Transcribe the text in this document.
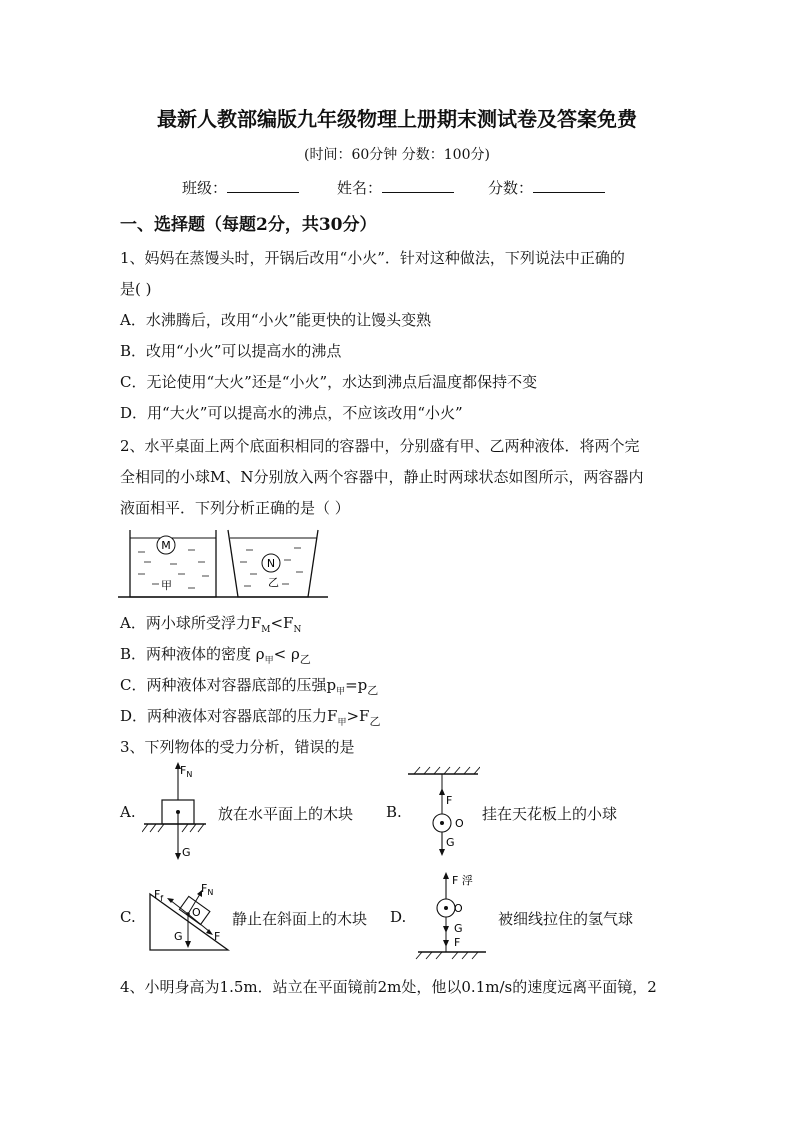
最新人教部编版九年级物理上册期末测试卷及答案免费
(时间：60分钟 分数：100分)
班级：	姓名：	分数：
一、选择题（每题2分，共30分）
1、妈妈在蒸馒头时，开锅后改用“小火”．针对这种做法，下列说法中正确的
是( )
A．水沸腾后，改用“小火”能更快的让馒头变熟
B．改用“小火”可以提高水的沸点
C．无论使用“大火”还是“小火”，水达到沸点后温度都保持不变
D．用“大火”可以提高水的沸点，不应该改用“小火”
2、水平桌面上两个底面积相同的容器中，分别盛有甲、乙两种液体．将两个完
全相同的小球M、N分别放入两个容器中，静止时两球状态如图所示，两容器内
液面相平．下列分析正确的是（ ）
M
甲
N
乙
A．两小球所受浮力$F_M<F_N$
B．两种液体的密度 $\rho_甲< \rho_乙$
C．两种液体对容器底部的压强$p_甲=p_乙$
D．两种液体对容器底部的压力$F_甲>F_乙$
3、下列物体的受力分析，错误的是
A.
$F_N$
G
放在水平面上的木块 B.
F
O
G
挂在天花板上的小球
C.	O
$F_N$
$F_f$
G	F
静止在斜面上的木块 D.
F 浮
O
G
F
被细线拉住的氢气球
4、小明身高为1.5m．站立在平面镜前2m处，他以0.1m/s的速度远离平面镜，2
